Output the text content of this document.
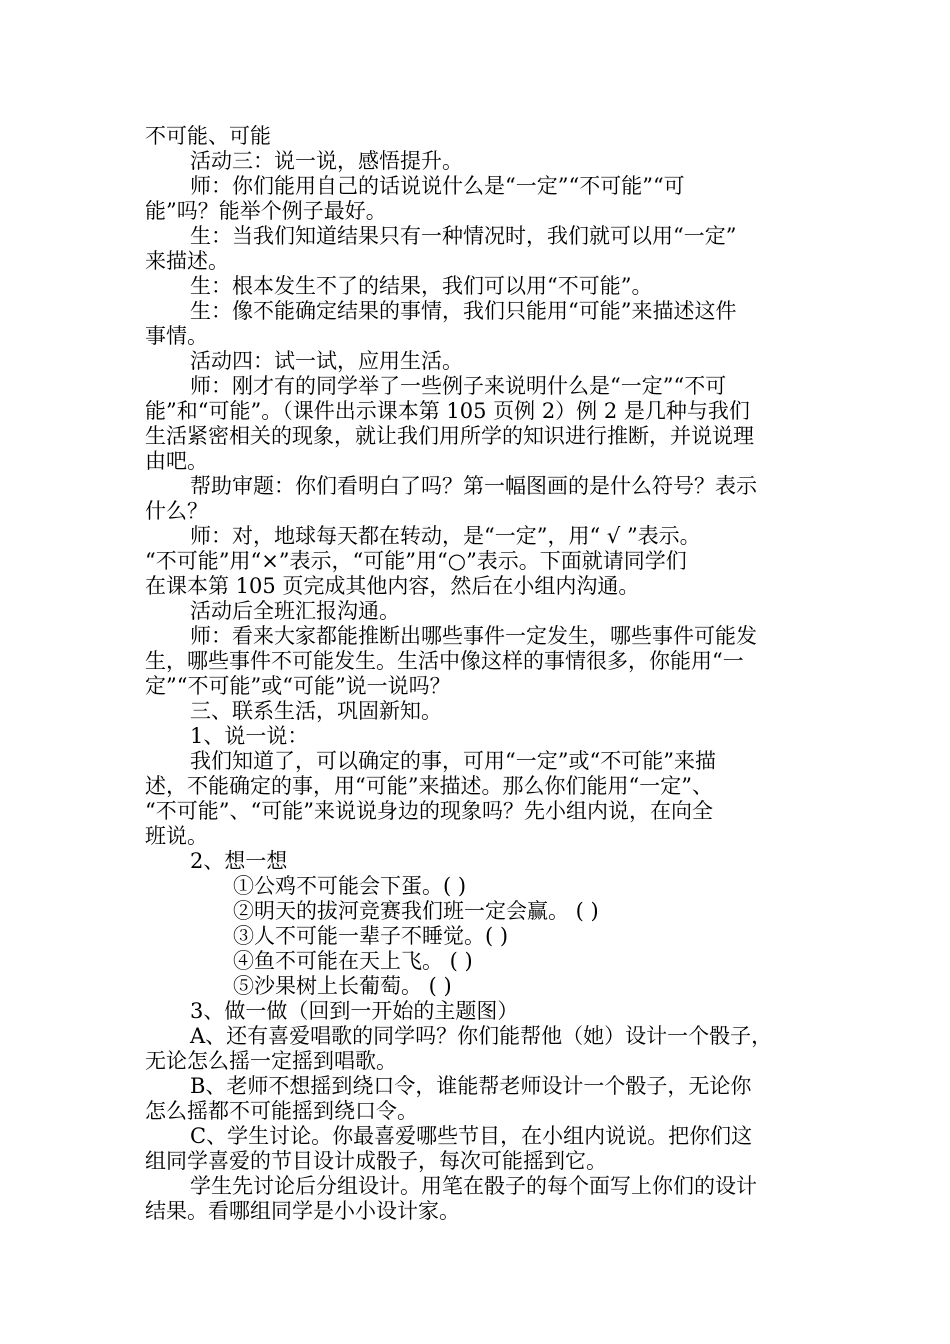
不可能、可能
活动三：说一说，感悟提升。
师：你们能用自己的话说说什么是“一定”“不可能”“可
能”吗？能举个例子最好。
生：当我们知道结果只有一种情况时，我们就可以用“一定”
来描述。
生：根本发生不了的结果，我们可以用“不可能”。
生：像不能确定结果的事情，我们只能用“可能”来描述这件
事情。
活动四：试一试，应用生活。
师：刚才有的同学举了一些例子来说明什么是“一定”“不可
能”和“可能”。（课件出示课本第 105 页例 2）例 2 是几种与我们
生活紧密相关的现象，就让我们用所学的知识进行推断，并说说理
由吧。
帮助审题：你们看明白了吗？第一幅图画的是什么符号？表示
什么？
师：对，地球每天都在转动，是“一定”，用“ √ ”表示。
“不可能”用“×”表示，“可能”用“○”表示。下面就请同学们
在课本第 105 页完成其他内容，然后在小组内沟通。
活动后全班汇报沟通。
师：看来大家都能推断出哪些事件一定发生，哪些事件可能发
生，哪些事件不可能发生。生活中像这样的事情很多，你能用“一
定”“不可能”或“可能”说一说吗？
三、联系生活，巩固新知。
1、说一说：
我们知道了，可以确定的事，可用“一定”或“不可能”来描
述，不能确定的事，用“可能”来描述。那么你们能用“一定”、
“不可能”、“可能”来说说身边的现象吗？先小组内说，在向全
班说。
2、想一想
①公鸡不可能会下蛋。( )
②明天的拔河竞赛我们班一定会赢。 ( )
③人不可能一辈子不睡觉。( )
④鱼不可能在天上飞。 ( )
⑤沙果树上长葡萄。 ( )
3、做一做（回到一开始的主题图）
A、还有喜爱唱歌的同学吗？你们能帮他（她）设计一个骰子，
无论怎么摇一定摇到唱歌。
B、老师不想摇到绕口令，谁能帮老师设计一个骰子，无论你
怎么摇都不可能摇到绕口令。
C、学生讨论。你最喜爱哪些节目，在小组内说说。把你们这
组同学喜爱的节目设计成骰子，每次可能摇到它。
学生先讨论后分组设计。用笔在骰子的每个面写上你们的设计
结果。看哪组同学是小小设计家。
